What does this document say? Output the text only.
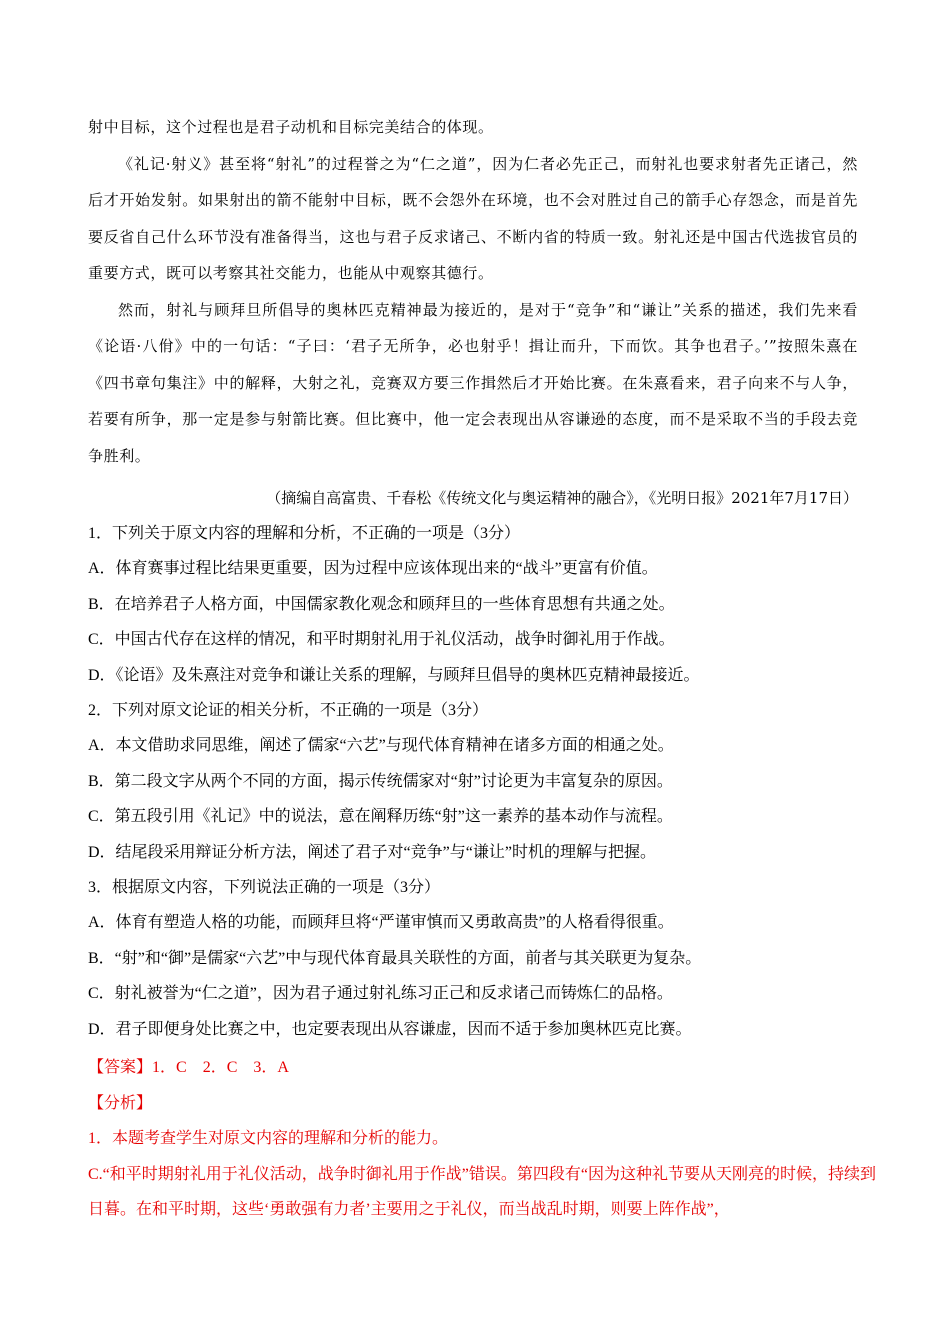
射中目标，这个过程也是君子动机和目标完美结合的体现。

《礼记·射义》甚至将“射礼”的过程誉之为“仁之道”，因为仁者必先正己，而射礼也要求射者先正诸己，然后才开始发射。如果射出的箭不能射中目标，既不会怨外在环境，也不会对胜过自己的箭手心存怨念，而是首先要反省自己什么环节没有准备得当，这也与君子反求诸己、不断内省的特质一致。射礼还是中国古代选拔官员的重要方式，既可以考察其社交能力，也能从中观察其德行。

然而，射礼与顾拜旦所倡导的奥林匹克精神最为接近的，是对于“竞争”和“谦让”关系的描述，我们先来看《论语·八佾》中的一句话：“子曰：‘君子无所争，必也射乎！揖让而升，下而饮。其争也君子。’”按照朱熹在《四书章句集注》中的解释，大射之礼，竞赛双方要三作揖然后才开始比赛。在朱熹看来，君子向来不与人争，若要有所争，那一定是参与射箭比赛。但比赛中，他一定会表现出从容谦逊的态度，而不是采取不当的手段去竞争胜利。

（摘编自高富贵、千春松《传统文化与奥运精神的融合》，《光明日报》2021年7月17日）
1．下列关于原文内容的理解和分析，不正确的一项是（3分）
A．体育赛事过程比结果更重要，因为过程中应该体现出来的“战斗”更富有价值。
B．在培养君子人格方面，中国儒家教化观念和顾拜旦的一些体育思想有共通之处。
C．中国古代存在这样的情况，和平时期射礼用于礼仪活动，战争时御礼用于作战。
D．《论语》及朱熹注对竞争和谦让关系的理解，与顾拜旦倡导的奥林匹克精神最接近。
2．下列对原文论证的相关分析，不正确的一项是（3分）
A．本文借助求同思维，阐述了儒家“六艺”与现代体育精神在诸多方面的相通之处。
B．第二段文字从两个不同的方面，揭示传统儒家对“射”讨论更为丰富复杂的原因。
C．第五段引用《礼记》中的说法，意在阐释历练“射”这一素养的基本动作与流程。
D．结尾段采用辩证分析方法，阐述了君子对“竞争”与“谦让”时机的理解与把握。
3．根据原文内容，下列说法正确的一项是（3分）
A．体育有塑造人格的功能，而顾拜旦将“严谨审慎而又勇敢高贵”的人格看得很重。
B．“射”和“御”是儒家“六艺”中与现代体育最具关联性的方面，前者与其关联更为复杂。
C．射礼被誉为“仁之道”，因为君子通过射礼练习正己和反求诸己而铸炼仁的品格。
D．君子即便身处比赛之中，也定要表现出从容谦虚，因而不适于参加奥林匹克比赛。
【答案】1．C　2．C　3．A
【分析】
1．本题考查学生对原文内容的理解和分析的能力。
C.“和平时期射礼用于礼仪活动，战争时御礼用于作战”错误。第四段有“因为这种礼节要从天刚亮的时候，持续到日暮。在和平时期，这些‘勇敢强有力者’主要用之于礼仪，而当战乱时期，则要上阵作战”，
